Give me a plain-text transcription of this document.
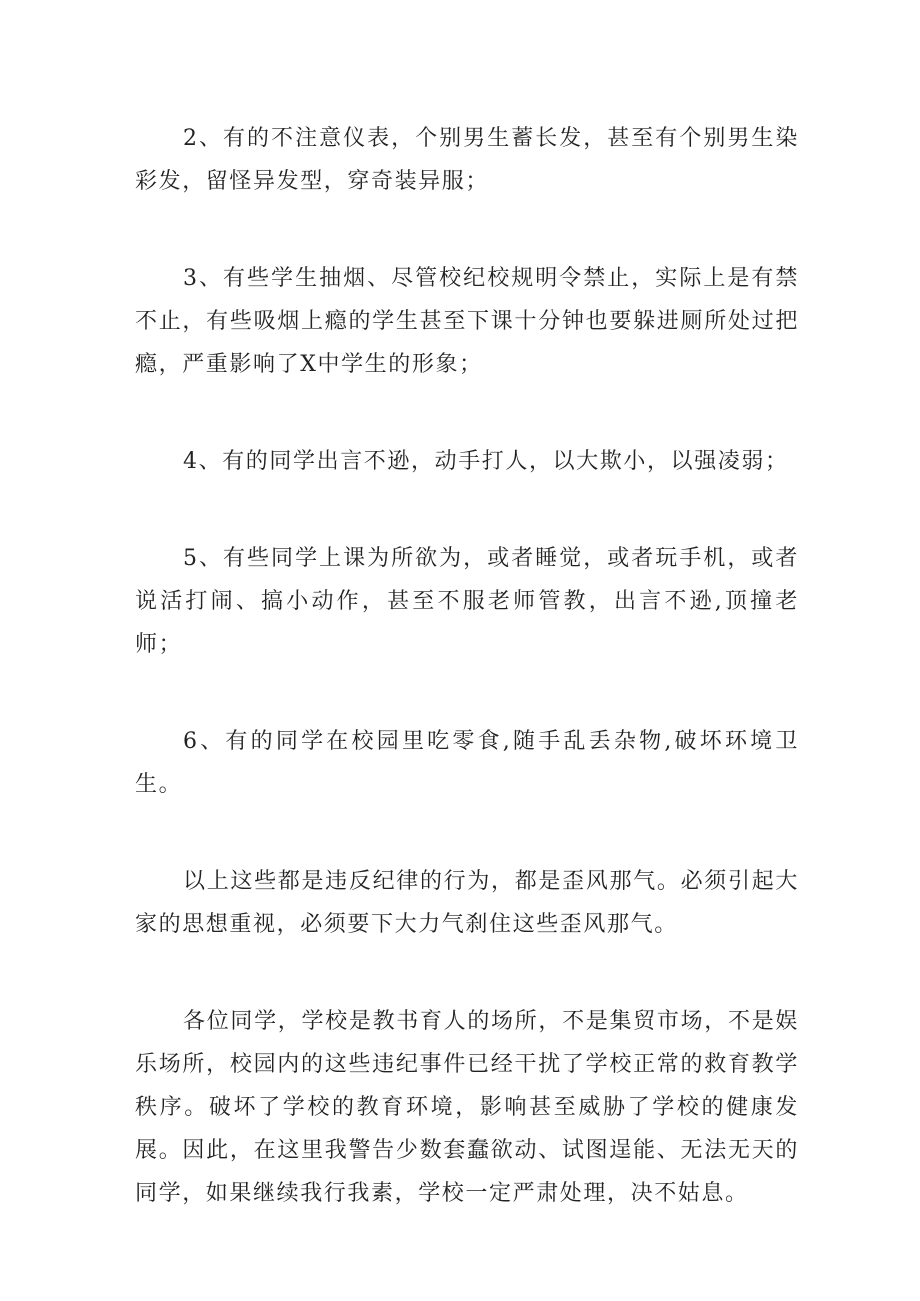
2、有的不注意仪表，个别男生蓄长发，甚至有个别男生染彩发，留怪异发型，穿奇装异服；

3、有些学生抽烟、尽管校纪校规明令禁止，实际上是有禁不止，有些吸烟上瘾的学生甚至下课十分钟也要躲进厕所处过把瘾，严重影响了X中学生的形象；

4、有的同学出言不逊，动手打人，以大欺小，以强凌弱；

5、有些同学上课为所欲为，或者睡觉，或者玩手机，或者说活打闹、搞小动作，甚至不服老师管教，出言不逊,顶撞老师；

6、有的同学在校园里吃零食,随手乱丢杂物,破坏环境卫生。

以上这些都是违反纪律的行为，都是歪风那气。必须引起大家的思想重视，必须要下大力气刹住这些歪风那气。

各位同学，学校是教书育人的场所，不是集贸市场，不是娱乐场所，校园内的这些违纪事件已经干扰了学校正常的救育教学秩序。破坏了学校的教育环境，影响甚至威胁了学校的健康发展。因此，在这里我警告少数套蠢欲动、试图逞能、无法无天的同学，如果继续我行我素，学校一定严肃处理，决不姑息。
